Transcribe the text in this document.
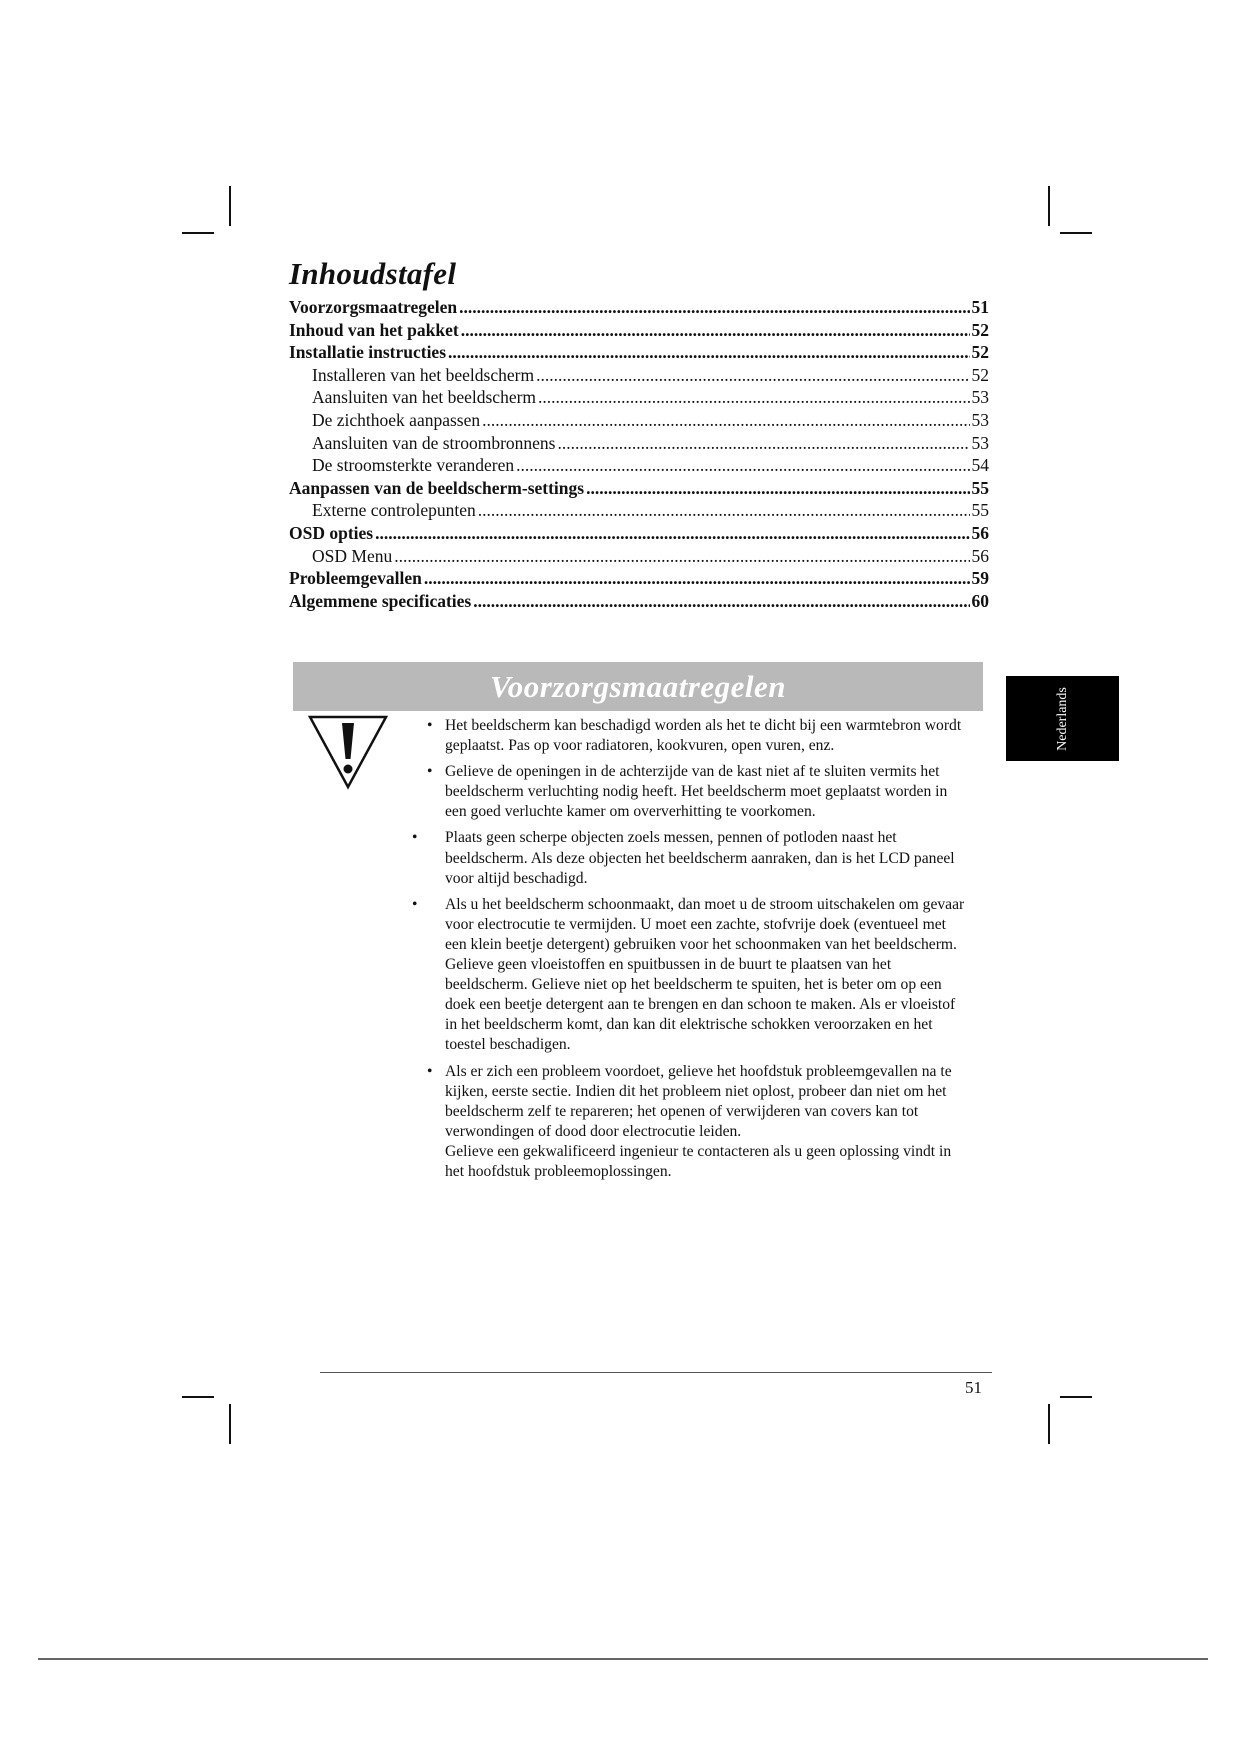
Inhoudstafel
Voorzorgsmaatregelen .....	51
Inhoud van het pakket .....	52
Installatie instructies .....	52
Installeren van het beeldscherm .....	52
Aansluiten van het beeldscherm .....	53
De zichthoek aanpassen .....	53
Aansluiten van de stroombronnens .....	53
De stroomsterkte veranderen .....	54
Aanpassen van de beeldscherm-settings .....	55
Externe controlepunten .....	55
OSD opties .....	56
OSD Menu .....	56
Probleemgevallen .....	59
Algemmene specificaties .....	60
Voorzorgsmaatregelen
Nederlands
• Het beeldscherm kan beschadigd worden als het te dicht bij een warmtebron wordt geplaatst. Pas op voor radiatoren, kookvuren, open vuren, enz.
• Gelieve de openingen in de achterzijde van de kast niet af te sluiten vermits het beeldscherm verluchting nodig heeft. Het beeldscherm moet geplaatst worden in een goed verluchte kamer om oververhitting te voorkomen.
• Plaats geen scherpe objecten zoels messen, pennen of potloden naast het beeldscherm. Als deze objecten het beeldscherm aanraken, dan is het LCD paneel voor altijd beschadigd.
• Als u het beeldscherm schoonmaakt, dan moet u de stroom uitschakelen om gevaar voor electrocutie te vermijden. U moet een zachte, stofvrije doek (eventueel met een klein beetje detergent) gebruiken voor het schoonmaken van het beeldscherm. Gelieve geen vloeistoffen en spuitbussen in de buurt te plaatsen van het beeldscherm. Gelieve niet op het beeldscherm te spuiten, het is beter om op een doek een beetje detergent aan te brengen en dan schoon te maken. Als er vloeistof in het beeldscherm komt, dan kan dit elektrische schokken veroorzaken en het toestel beschadigen.
• Als er zich een probleem voordoet, gelieve het hoofdstuk probleemgevallen na te kijken, eerste sectie. Indien dit het probleem niet oplost, probeer dan niet om het beeldscherm zelf te repareren; het openen of verwijderen van covers kan tot verwondingen of dood door electrocutie leiden.

Gelieve een gekwalificeerd ingenieur te contacteren als u geen oplossing vindt in het hoofdstuk probleemoplossingen.

51
